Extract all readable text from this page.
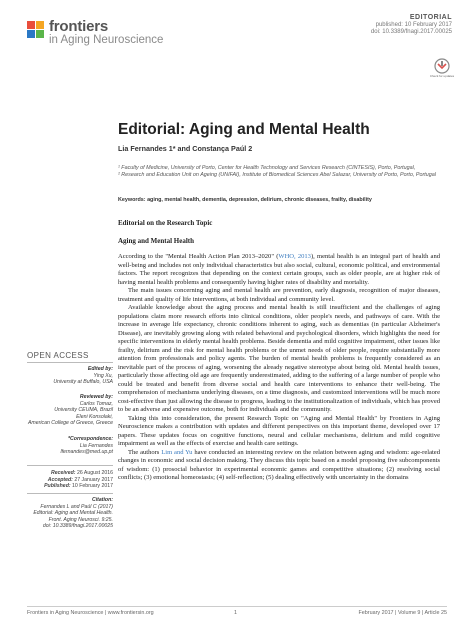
frontiers
in Aging Neuroscience
EDITORIAL
published: 10 February 2017
doi: 10.3389/fnagi.2017.00025
Check for updates
Editorial: Aging and Mental Health
Lia Fernandes 1* and Constança Paúl 2

¹ Faculty of Medicine, University of Porto, Center for Health Technology and Services Research (CINTESIS), Porto, Portugal,

² Research and Education Unit on Ageing (UNIFAI), Institute of Biomedical Sciences Abel Salazar, University of Porto, Porto, Portugal

Keywords: aging, mental health, dementia, depression, delirium, chronic diseases, frailty, disability
Editorial on the Research Topic
Aging and Mental Health

According to the "Mental Health Action Plan 2013–2020" (WHO, 2013), mental health is an integral part of health and well-being and includes not only individual characteristics but also social, cultural, economic political, and environmental factors. The report recognizes that depending on the context certain groups, such as older people, are at higher risk of having mental health problems and consequently having higher rates of disability and mortality.

The main issues concerning aging and mental health are prevention, early diagnosis, recognition of major diseases, treatment and quality of life interventions, at both individual and community level.

Available knowledge about the aging process and mental health is still insufficient and the challenges of aging populations claim more research efforts into clinical conditions, older people's needs, and pathways of care. With the increase in average life expectancy, chronic conditions inherent to aging, such as dementias (in particular Alzheimer's Disease), are inevitably growing along with related behavioral and psychological disorders, which highlights the need for specific interventions in elderly mental health problems. Beside dementia and mild cognitive impairment, other issues like frailty, delirium and the risk for mental health problems or the unmet needs of older people, require substantially more attention from professionals and policy agents. The burden of mental health problems is frequently considered as an inevitable part of the process of aging, worsening the already negative stereotype about being old. Mental health issues, particularly those affecting old age are frequently underestimated, adding to the suffering of a large number of people who could be treated and benefit from diverse social and health care interventions to enhance their well-being. The comprehension of mechanisms underlying diseases, on a time diagnosis, and customized interventions will be much more cost-effective than just allowing the disease to progress, leading to the institutionalization of individuals, which has proved to be an adverse and expensive outcome, both for individuals and the community.

Taking this into consideration, the present Research Topic on "Aging and Mental Health" by Frontiers in Aging Neuroscience makes a contribution with updates and different perspectives on this important theme, developed over 17 papers. These updates focus on cognitive functions, neural and cellular mechanisms, delirium and mild cognitive impairment as well as the effects of exercise and health care settings.

The authors Lim and Yu have conducted an interesting review on the relation between aging and wisdom: age-related changes in economic and social decision making. They discuss this topic based on a model proposing five subcomponents of wisdom: (1) prosocial behavior in experimental economic games and competitive situations; (2) resolving social conflicts; (3) emotional homeostasis; (4) self-reflection; (5) dealing effectively with uncertainty in the domains

OPEN ACCESS
Edited by:
Ying Xu,
University at Buffalo, USA
Reviewed by:
Carlos Tomaz,
University CEUMA, Brazil
Eleni Konsolaki,
American College of Greece, Greece
*Correspondence:
Lia Fernandes
lfernandes@med.up.pt
Received: 26 August 2016
Accepted: 27 January 2017
Published: 10 February 2017
Citation:
Fernandes L and Paúl C (2017)
Editorial: Aging and Mental Health.
Front. Aging Neurosci. 9:25.
doi: 10.3389/fnagi.2017.00025
Frontiers in Aging Neuroscience | www.frontiersin.org	1	February 2017 | Volume 9 | Article 25
